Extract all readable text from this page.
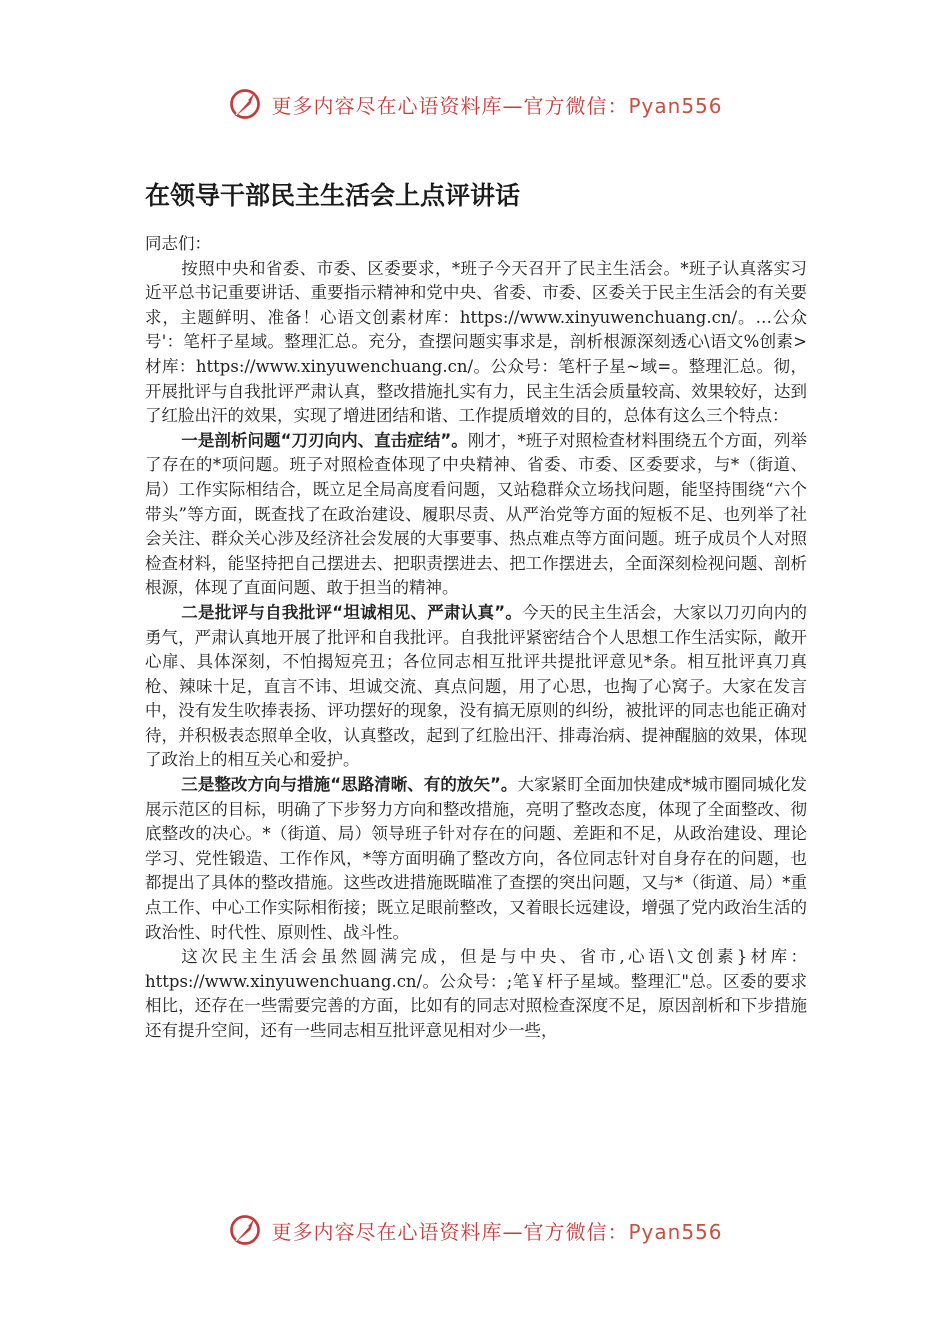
更多内容尽在心语资料库—官方微信：Pyan556
在领导干部民主生活会上点评讲话

同志们：

按照中央和省委、市委、区委要求，*班子今天召开了民主生活会。*班子认真落实习近平总书记重要讲话、重要指示精神和党中央、省委、市委、区委关于民主生活会的有关要求，主题鲜明、准备！心语文创素材库：https://www.xinyuwenchuang.cn/。…公众号'：笔杆子星域。整理汇总。充分，查摆问题实事求是，剖析根源深刻透心\语文%创素>材库：https://www.xinyuwenchuang.cn/。公众号：笔杆子星~域=。整理汇总。彻，开展批评与自我批评严肃认真，整改措施扎实有力，民主生活会质量较高、效果较好，达到了红脸出汗的效果，实现了增进团结和谐、工作提质增效的目的，总体有这么三个特点：

一是剖析问题“刀刃向内、直击症结”。刚才，*班子对照检查材料围绕五个方面，列举了存在的*项问题。班子对照检查体现了中央精神、省委、市委、区委要求，与*（街道、局）工作实际相结合，既立足全局高度看问题，又站稳群众立场找问题，能坚持围绕“六个带头”等方面，既查找了在政治建设、履职尽责、从严治党等方面的短板不足、也列举了社会关注、群众关心涉及经济社会发展的大事要事、热点难点等方面问题。班子成员个人对照检查材料，能坚持把自己摆进去、把职责摆进去、把工作摆进去，全面深刻检视问题、剖析根源，体现了直面问题、敢于担当的精神。

二是批评与自我批评“坦诚相见、严肃认真”。今天的民主生活会，大家以刀刃向内的勇气，严肃认真地开展了批评和自我批评。自我批评紧密结合个人思想工作生活实际，敞开心扉、具体深刻，不怕揭短亮丑；各位同志相互批评共提批评意见*条。相互批评真刀真枪、辣味十足，直言不讳、坦诚交流、真点问题，用了心思，也掏了心窝子。大家在发言中，没有发生吹捧表扬、评功摆好的现象，没有搞无原则的纠纷，被批评的同志也能正确对待，并积极表态照单全收，认真整改，起到了红脸出汗、排毒治病、提神醒脑的效果，体现了政治上的相互关心和爱护。

三是整改方向与措施“思路清晰、有的放矢”。大家紧盯全面加快建成*城市圈同城化发展示范区的目标，明确了下步努力方向和整改措施，亮明了整改态度，体现了全面整改、彻底整改的决心。*（街道、局）领导班子针对存在的问题、差距和不足，从政治建设、理论学习、党性锻造、工作作风，*等方面明确了整改方向，各位同志针对自身存在的问题，也都提出了具体的整改措施。这些改进措施既瞄准了查摆的突出问题，又与*（街道、局）*重点工作、中心工作实际相衔接；既立足眼前整改，又着眼长远建设，增强了党内政治生活的政治性、时代性、原则性、战斗性。

这次民主生活会虽然圆满完成，但是与中央、省市,心语\文创素}材库：https://www.xinyuwenchuang.cn/。公众号：;笔￥杆子星域。整理汇"总。区委的要求相比，还存在一些需要完善的方面，比如有的同志对照检查深度不足，原因剖析和下步措施还有提升空间，还有一些同志相互批评意见相对少一些，

更多内容尽在心语资料库—官方微信：Pyan556
